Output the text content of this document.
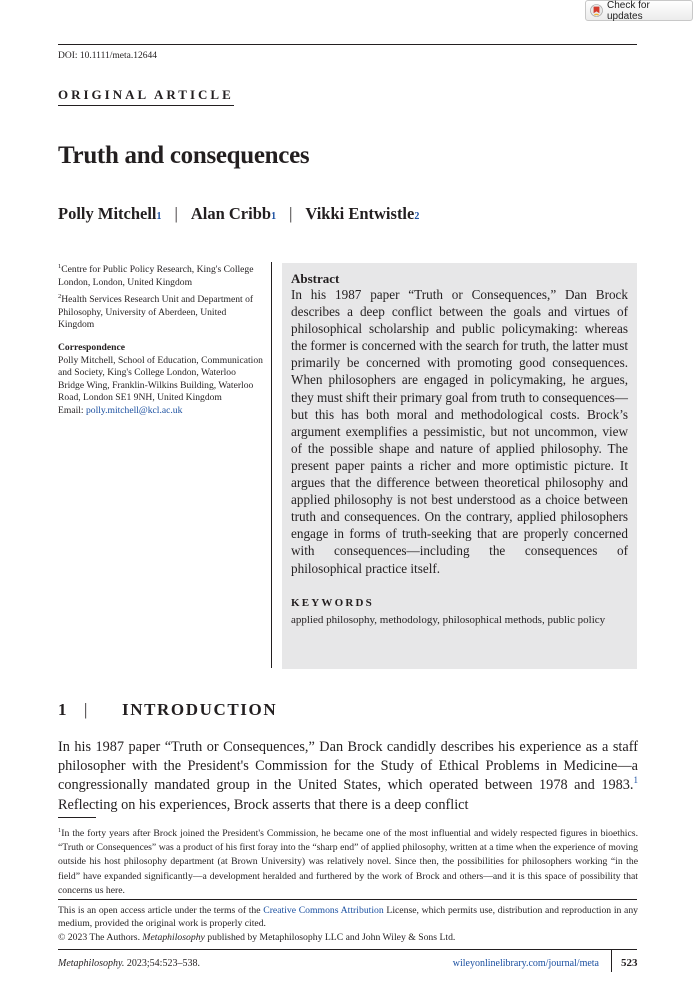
Check for updates
DOI: 10.1111/meta.12644
ORIGINAL ARTICLE
Truth and consequences
Polly Mitchell 1 | Alan Cribb 1 | Vikki Entwistle 2
$^1$Centre for Public Policy Research, King's College London, London, United Kingdom
$^2$Health Services Research Unit and Department of Philosophy, University of Aberdeen, United Kingdom
Correspondence
Polly Mitchell, School of Education, Communication and Society, King's College London, Waterloo Bridge Wing, Franklin-Wilkins Building, Waterloo Road, London SE1 9NH, United Kingdom
Email: polly.mitchell@kcl.ac.uk
Abstract

In his 1987 paper “Truth or Consequences,” Dan Brock describes a deep conflict between the goals and virtues of philosophical scholarship and public policymaking: whereas the former is concerned with the search for truth, the latter must primarily be concerned with promoting good consequences. When philosophers are engaged in policymaking, he argues, they must shift their primary goal from truth to consequences—but this has both moral and methodological costs. Brock’s argument exemplifies a pessimistic, but not uncommon, view of the possible shape and nature of applied philosophy. The present paper paints a richer and more optimistic picture. It argues that the difference between theoretical philosophy and applied philosophy is not best understood as a choice between truth and consequences. On the contrary, applied philosophers engage in forms of truth-seeking that are properly concerned with consequences—including the consequences of philosophical practice itself.

KEYWORDS
applied philosophy, methodology, philosophical methods, public policy
1 |	INTRODUCTION

In his 1987 paper “Truth or Consequences,” Dan Brock candidly describes his experience as a staff philosopher with the President's Commission for the Study of Ethical Problems in Medicine—a congressionally mandated group in the United States, which operated between 1978 and 1983.$^1$ Reflecting on his experiences, Brock asserts that there is a deep conflict

$^1$In the forty years after Brock joined the President's Commission, he became one of the most influential and widely respected figures in bioethics. “Truth or Consequences” was a product of his first foray into the “sharp end” of applied philosophy, written at a time when the experience of moving outside his host philosophy department (at Brown University) was relatively novel. Since then, the possibilities for philosophers working “in the field” have expanded significantly—a development heralded and furthered by the work of Brock and others—and it is this space of possibility that concerns us here.

This is an open access article under the terms of the Creative Commons Attribution License, which permits use, distribution and reproduction in any medium, provided the original work is properly cited.
© 2023 The Authors. Metaphilosophy published by Metaphilosophy LLC and John Wiley & Sons Ltd.
Metaphilosophy. 2023;54:523–538.	wileyonlinelibrary.com/journal/meta 523
